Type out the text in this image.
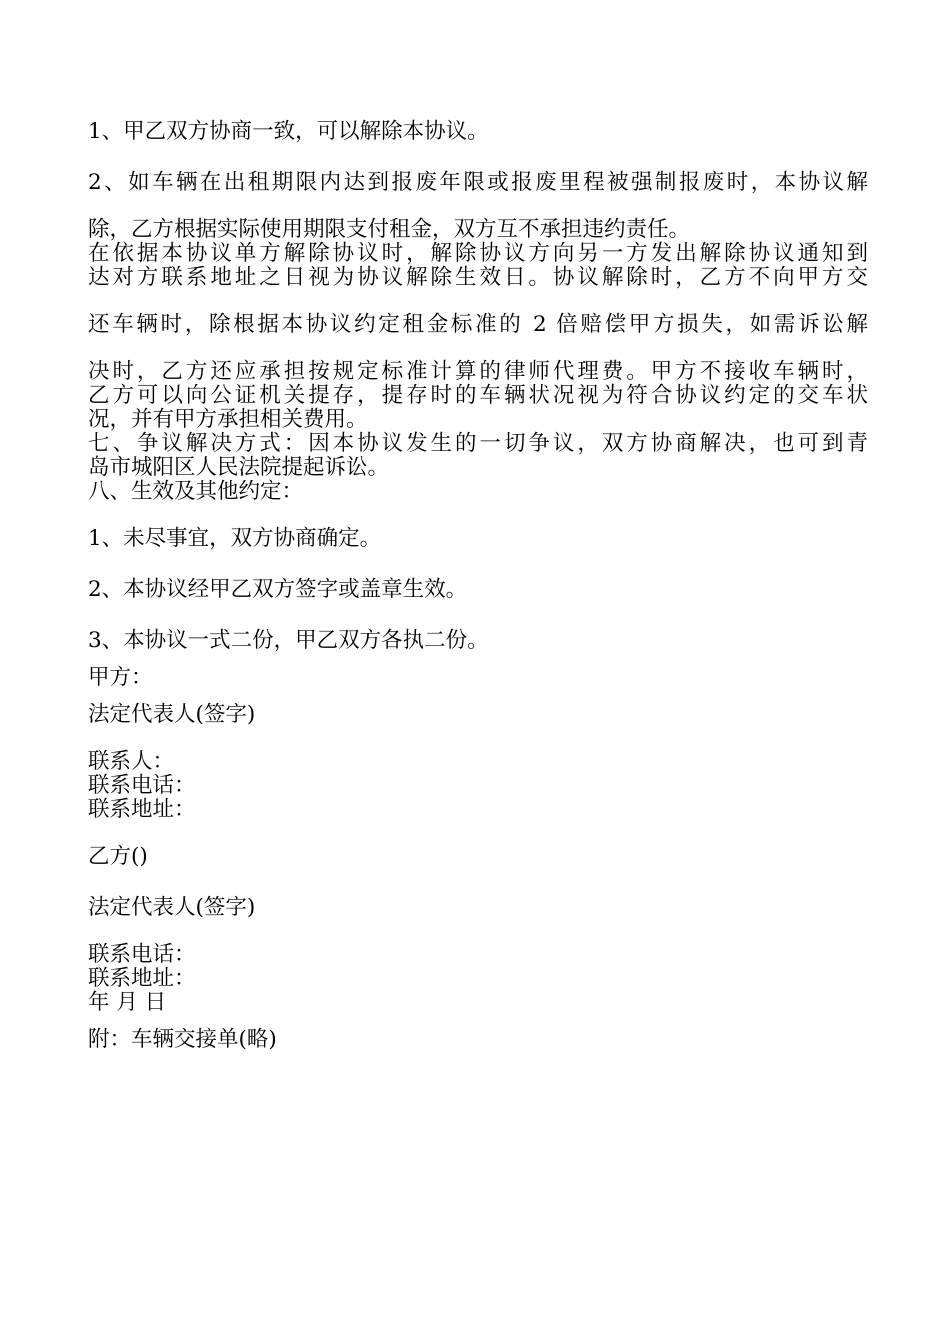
1、甲乙双方协商一致，可以解除本协议。
2、如车辆在出租期限内达到报废年限或报废里程被强制报废时，本协议解
除，乙方根据实际使用期限支付租金，双方互不承担违约责任。
在依据本协议单方解除协议时，解除协议方向另一方发出解除协议通知到
达对方联系地址之日视为协议解除生效日。协议解除时，乙方不向甲方交
还车辆时，除根据本协议约定租金标准的 2 倍赔偿甲方损失，如需诉讼解
决时，乙方还应承担按规定标准计算的律师代理费。甲方不接收车辆时，
乙方可以向公证机关提存，提存时的车辆状况视为符合协议约定的交车状
况，并有甲方承担相关费用。
七、争议解决方式：因本协议发生的一切争议，双方协商解决，也可到青
岛市城阳区人民法院提起诉讼。
八、生效及其他约定：
1、未尽事宜，双方协商确定。
2、本协议经甲乙双方签字或盖章生效。
3、本协议一式二份，甲乙双方各执二份。
甲方：
法定代表人(签字)
联系人：
联系电话：
联系地址：
乙方()
法定代表人(签字)
联系电话：
联系地址：
年 月 日
附：车辆交接单(略)
